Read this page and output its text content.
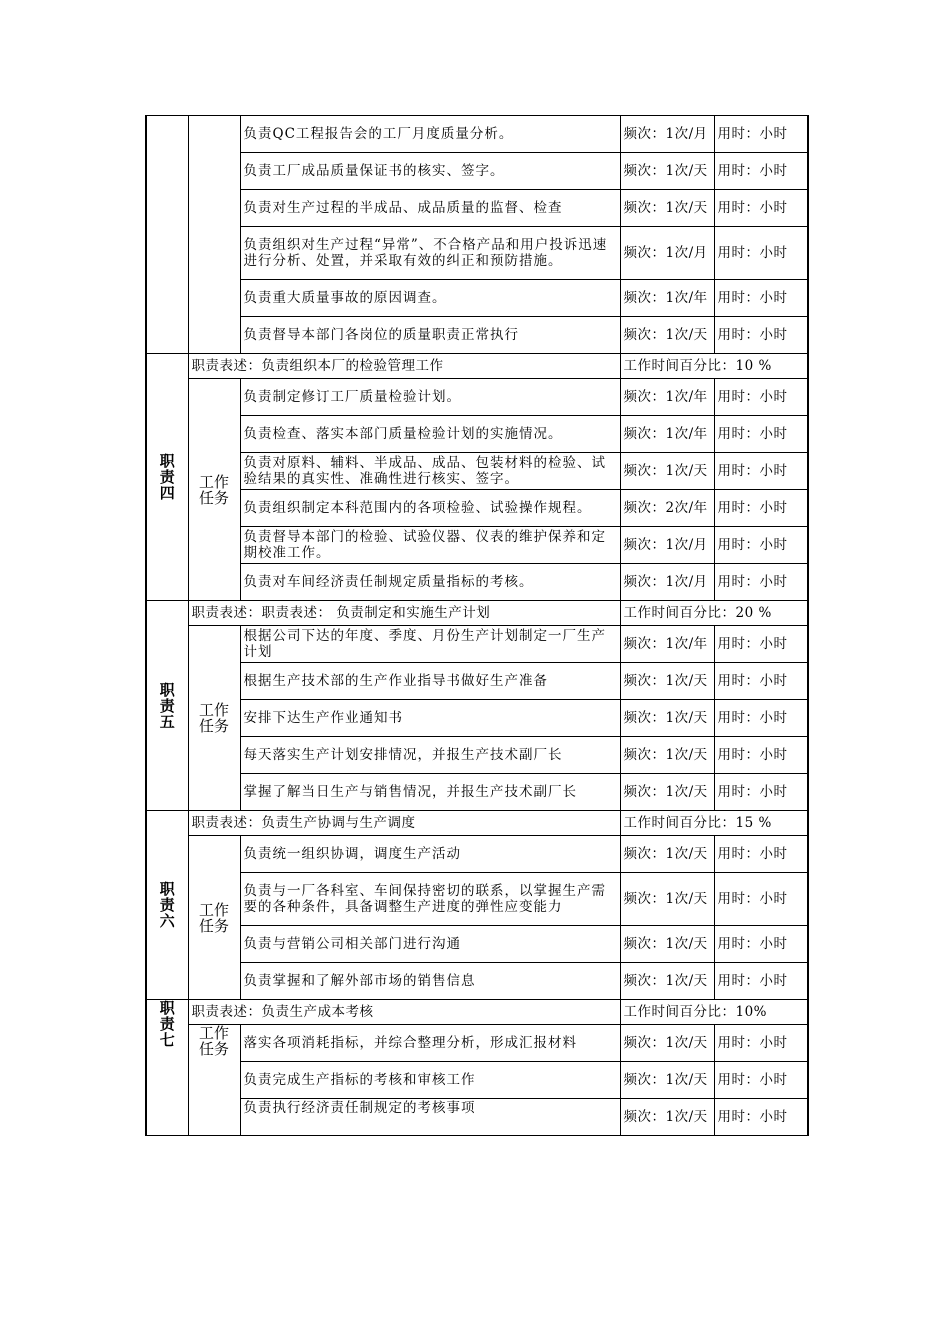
		负责QC工程报告会的工厂月度质量分析。	频次：1次/月	用时：小时
		负责工厂成品质量保证书的核实、签字。	频次：1次/天	用时：小时
		负责对生产过程的半成品、成品质量的监督、检查	频次：1次/天	用时：小时
		负责组织对生产过程“异常”、不合格产品和用户投诉迅速进行分析、处置，并采取有效的纠正和预防措施。	频次：1次/月	用时：小时
		负责重大质量事故的原因调查。	频次：1次/年	用时：小时
		负责督导本部门各岗位的质量职责正常执行	频次：1次/天	用时：小时
职责四	职责表述：负责组织本厂的检验管理工作		工作时间百分比：10 %	
	工作任务	负责制定修订工厂质量检验计划。	频次：1次/年	用时：小时
		负责检查、落实本部门质量检验计划的实施情况。	频次：1次/年	用时：小时
		负责对原料、辅料、半成品、成品、包装材料的检验、试验结果的真实性、准确性进行核实、签字。	频次：1次/天	用时：小时
		负责组织制定本科范围内的各项检验、试验操作规程。	频次：2次/年	用时：小时
		负责督导本部门的检验、试验仪器、仪表的维护保养和定期校准工作。	频次：1次/月	用时：小时
		负责对车间经济责任制规定质量指标的考核。	频次：1次/月	用时：小时
职责五	职责表述：职责表述： 负责制定和实施生产计划		工作时间百分比：20 %	
	工作任务	根据公司下达的年度、季度、月份生产计划制定一厂生产计划	频次：1次/年	用时：小时
		根据生产技术部的生产作业指导书做好生产准备	频次：1次/天	用时：小时
		安排下达生产作业通知书	频次：1次/天	用时：小时
		每天落实生产计划安排情况，并报生产技术副厂长	频次：1次/天	用时：小时
		掌握了解当日生产与销售情况，并报生产技术副厂长	频次：1次/天	用时：小时
职责六	职责表述：负责生产协调与生产调度		工作时间百分比：15 %	
	工作任务	负责统一组织协调，调度生产活动	频次：1次/天	用时：小时
		负责与一厂各科室、车间保持密切的联系，以掌握生产需要的各种条件，具备调整生产进度的弹性应变能力	频次：1次/天	用时：小时
		负责与营销公司相关部门进行沟通	频次：1次/天	用时：小时
		负责掌握和了解外部市场的销售信息	频次：1次/天	用时：小时
职责七	职责表述：负责生产成本考核		工作时间百分比：10%	
	工作任务	落实各项消耗指标，并综合整理分析，形成汇报材料	频次：1次/天	用时：小时
		负责完成生产指标的考核和审核工作	频次：1次/天	用时：小时
		负责执行经济责任制规定的考核事项	频次：1次/天	用时：小时
